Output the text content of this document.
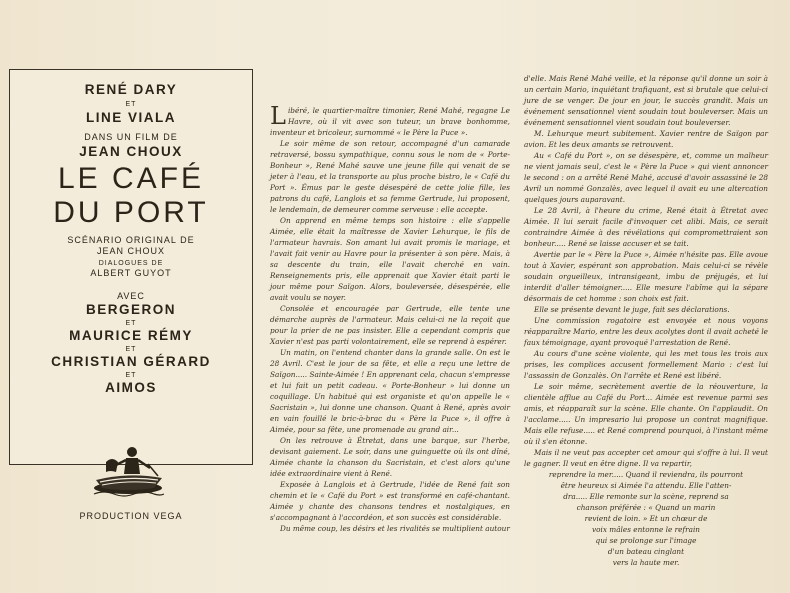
RENÉ DARY
ET
LINE VIALA
DANS UN FILM DE
JEAN CHOUX
LE CAFÉ
DU PORT
SCÉNARIO ORIGINAL DE
JEAN CHOUX
DIALOGUES DE
ALBERT GUYOT
AVEC
BERGERON
ET
MAURICE RÉMY
ET
CHRISTIAN GÉRARD
ET
AIMOS
PRODUCTION VEGA

Libéré, le quartier-maître timonier, René Mahé, regagne Le Havre, où il vit avec son tuteur, un brave bonhomme, inventeur et bricoleur, surnommé « le Père la Puce ».

Le soir même de son retour, accompagné d'un camarade retraversé, bossu sympathique, connu sous le nom de « Porte-Bonheur », René Mahé sauve une jeune fille qui venait de se jeter à l'eau, et la transporte au plus proche bistro, le « Café du Port ». Émus par le geste désespéré de cette jolie fille, les patrons du café, Langlois et sa femme Gertrude, lui proposent, le lendemain, de demeurer comme serveuse : elle accepte.

On apprend en même temps son histoire : elle s'appelle Aimée, elle était la maîtresse de Xavier Lehurque, le fils de l'armateur havrais. Son amant lui avait promis le mariage, et l'avait fait venir au Havre pour la présenter à son père. Mais, à sa descente du train, elle l'avait cherché en vain. Renseignements pris, elle apprenait que Xavier était parti le jour même pour Saïgon. Alors, bouleversée, désespérée, elle avait voulu se noyer.

Consolée et encouragée par Gertrude, elle tente une démarche auprès de l'armateur. Mais celui-ci ne la reçoit que pour la prier de ne pas insister. Elle a cependant compris que Xavier n'est pas parti volontairement, elle se reprend à espérer.

Un matin, on l'entend chanter dans la grande salle. On est le 28 Avril. C'est le jour de sa fête, et elle a reçu une lettre de Saïgon..... Sainte-Aimée ! En apprenant cela, chacun s'empresse et lui fait un petit cadeau. « Porte-Bonheur » lui donne un coquillage. Un habitué qui est organiste et qu'on appelle le « Sacristain », lui donne une chanson. Quant à René, après avoir en vain fouillé le bric-à-brac du « Père la Puce », il offre à Aimée, pour sa fête, une promenade au grand air...

On les retrouve à Étretat, dans une barque, sur l'herbe, devisant gaiement. Le soir, dans une guinguette où ils ont dîné, Aimée chante la chanson du Sacristain, et c'est alors qu'une idée extraordinaire vient à René.

Exposée à Langlois et à Gertrude, l'idée de René fait son chemin et le « Café du Port » est transformé en café-chantant. Aimée y chante des chansons tendres et nostalgiques, en s'accompagnant à l'accordéon, et son succès est considérable.

Du même coup, les désirs et les rivalités se multiplient autour

d'elle. Mais René Mahé veille, et la réponse qu'il donne un soir à un certain Mario, inquiétant trafiquant, est si brutale que celui-ci jure de se venger. De jour en jour, le succès grandit. Mais un événement sensationnel vient soudain tout bouleverser. Mais un événement sensationnel vient soudain tout bouleverser.

M. Lehurque meurt subitement. Xavier rentre de Saïgon par avion. Et les deux amants se retrouvent.

Au « Café du Port », on se désespère, et, comme un malheur ne vient jamais seul, c'est le « Père la Puce » qui vient annoncer le second : on a arrêté René Mahé, accusé d'avoir assassiné le 28 Avril un nommé Gonzalès, avec lequel il avait eu une altercation quelques jours auparavant.

Le 28 Avril, à l'heure du crime, René était à Étretat avec Aimée. Il lui serait facile d'invoquer cet alibi. Mais, ce serait contraindre Aimée à des révélations qui compromettraient son bonheur..... René se laisse accuser et se tait.

Avertie par le « Père la Puce », Aimée n'hésite pas. Elle avoue tout à Xavier, espérant son approbation. Mais celui-ci se révèle soudain orgueilleux, intransigeant, imbu de préjugés, et lui interdit d'aller témoigner..... Elle mesure l'abîme qui la sépare désormais de cet homme : son choix est fait.

Elle se présente devant le juge, fait ses déclarations.

Une commission rogatoire est envoyée et nous voyons réapparaître Mario, entre les deux acolytes dont il avait acheté le faux témoignage, ayant provoqué l'arrestation de René.

Au cours d'une scène violente, qui les met tous les trois aux prises, les complices accusent formellement Mario : c'est lui l'assassin de Gonzalès. On l'arrête et René est libéré.

Le soir même, secrètement avertie de la réouverture, la clientèle afflue au Café du Port... Aimée est revenue parmi ses amis, et réapparaît sur la scène. Elle chante. On l'applaudit. On l'acclame..... Un impresario lui propose un contrat magnifique. Mais elle refuse..... et René comprend pourquoi, à l'instant même où il s'en étonne.

Mais il ne veut pas accepter cet amour qui s'offre à lui. Il veut le gagner. Il veut en être digne. Il va repartir,

reprendre la mer..... Quand il reviendra, ils pourront
être heureux si Aimée l'a attendu. Elle l'atten-
dra..... Elle remonte sur la scène, reprend sa
chanson préférée : « Quand un marin
revient de loin. » Et un chœur de
voix mâles entonne le refrain
qui se prolonge sur l'image
d'un bateau cinglant
vers la haute mer.
